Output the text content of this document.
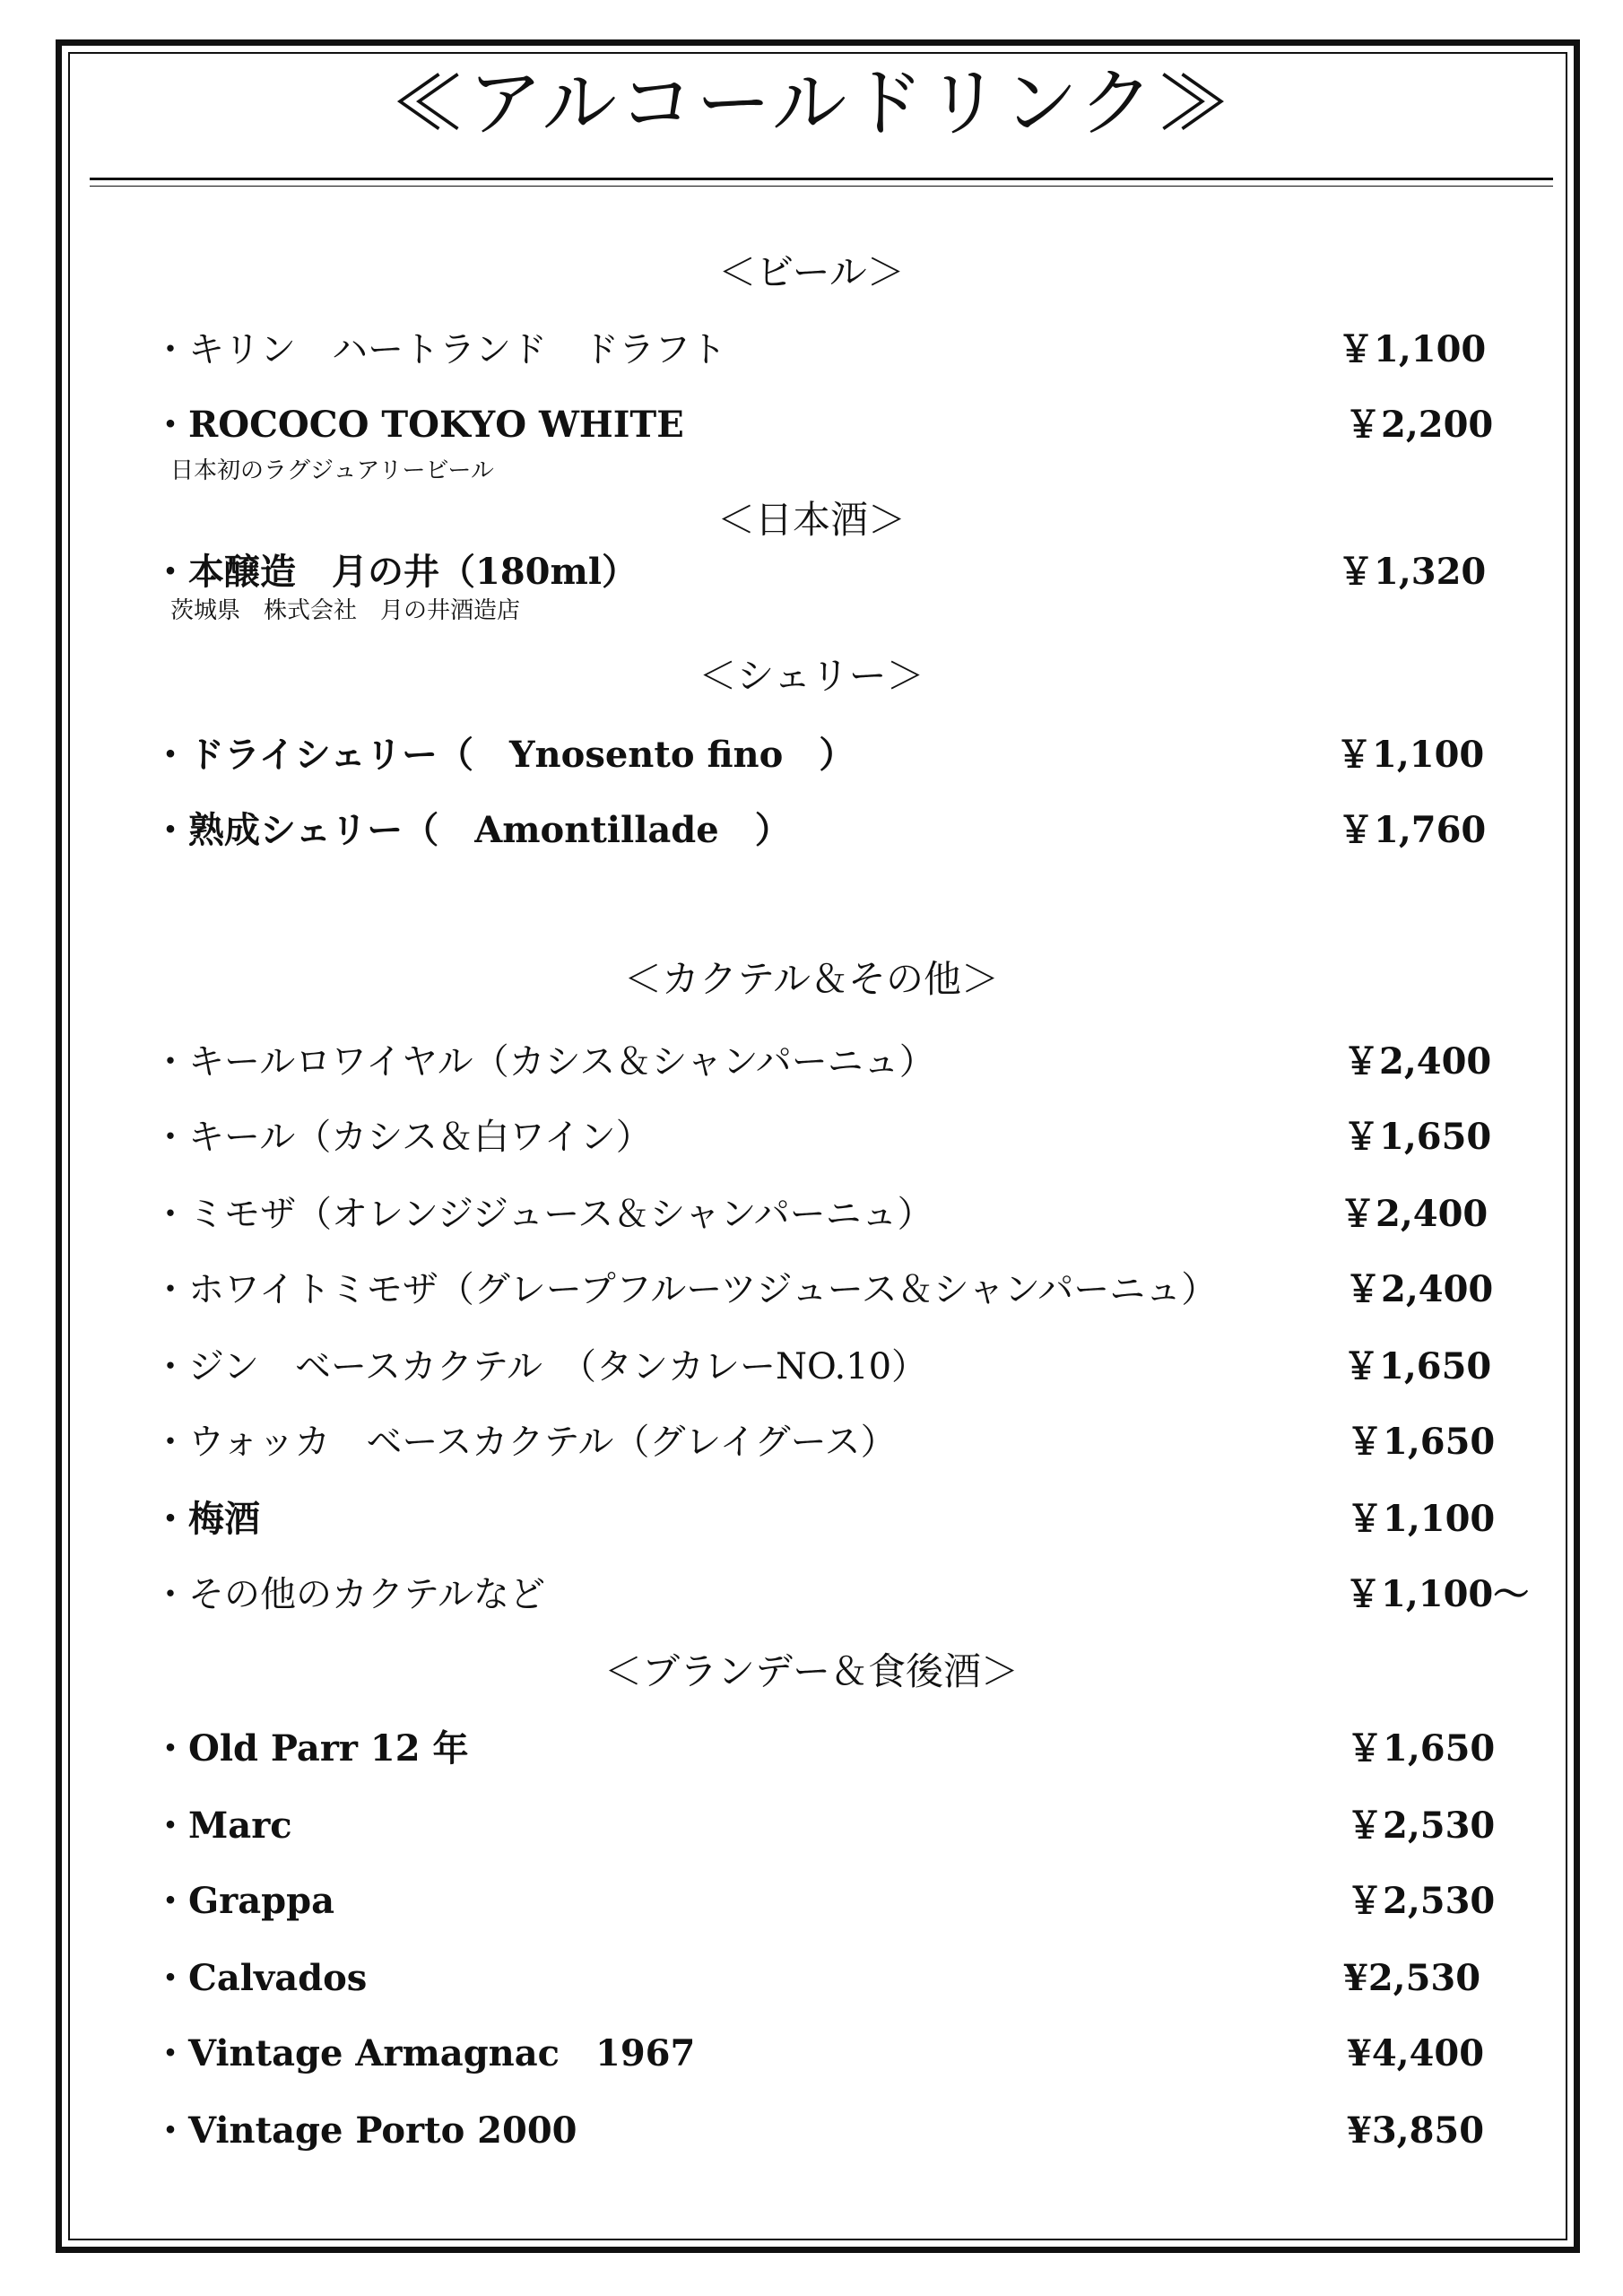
≪アルコールドリンク≫
＜ビール＞
・キリン　ハートランド　ドラフト	￥1,100
・ROCOCO TOKYO WHITE	￥2,200
日本初のラグジュアリービール
＜日本酒＞
・本醸造　月の井（180ml）	￥1,320
茨城県　株式会社　月の井酒造店
＜シェリー＞
・ドライシェリー（　Ynosento fino　）	￥1,100
・熟成シェリー（　Amontillade　）	￥1,760
＜カクテル＆その他＞
・キールロワイヤル（カシス＆シャンパーニュ）	￥2,400
・キール（カシス＆白ワイン）	￥1,650
・ミモザ（オレンジジュース＆シャンパーニュ）	￥2,400
・ホワイトミモザ（グレープフルーツジュース＆シャンパーニュ）	￥2,400
・ジン　ベースカクテル　（タンカレーNO.10）	￥1,650
・ウォッカ　ベースカクテル（グレイグース）	￥1,650
・梅酒	￥1,100
・その他のカクテルなど	￥1,100～
＜ブランデー＆食後酒＞
・Old Parr 12 年	￥1,650
・Marc	￥2,530
・Grappa	￥2,530
・Calvados	¥2,530
・Vintage Armagnac　1967	¥4,400
・Vintage Porto 2000	¥3,850
